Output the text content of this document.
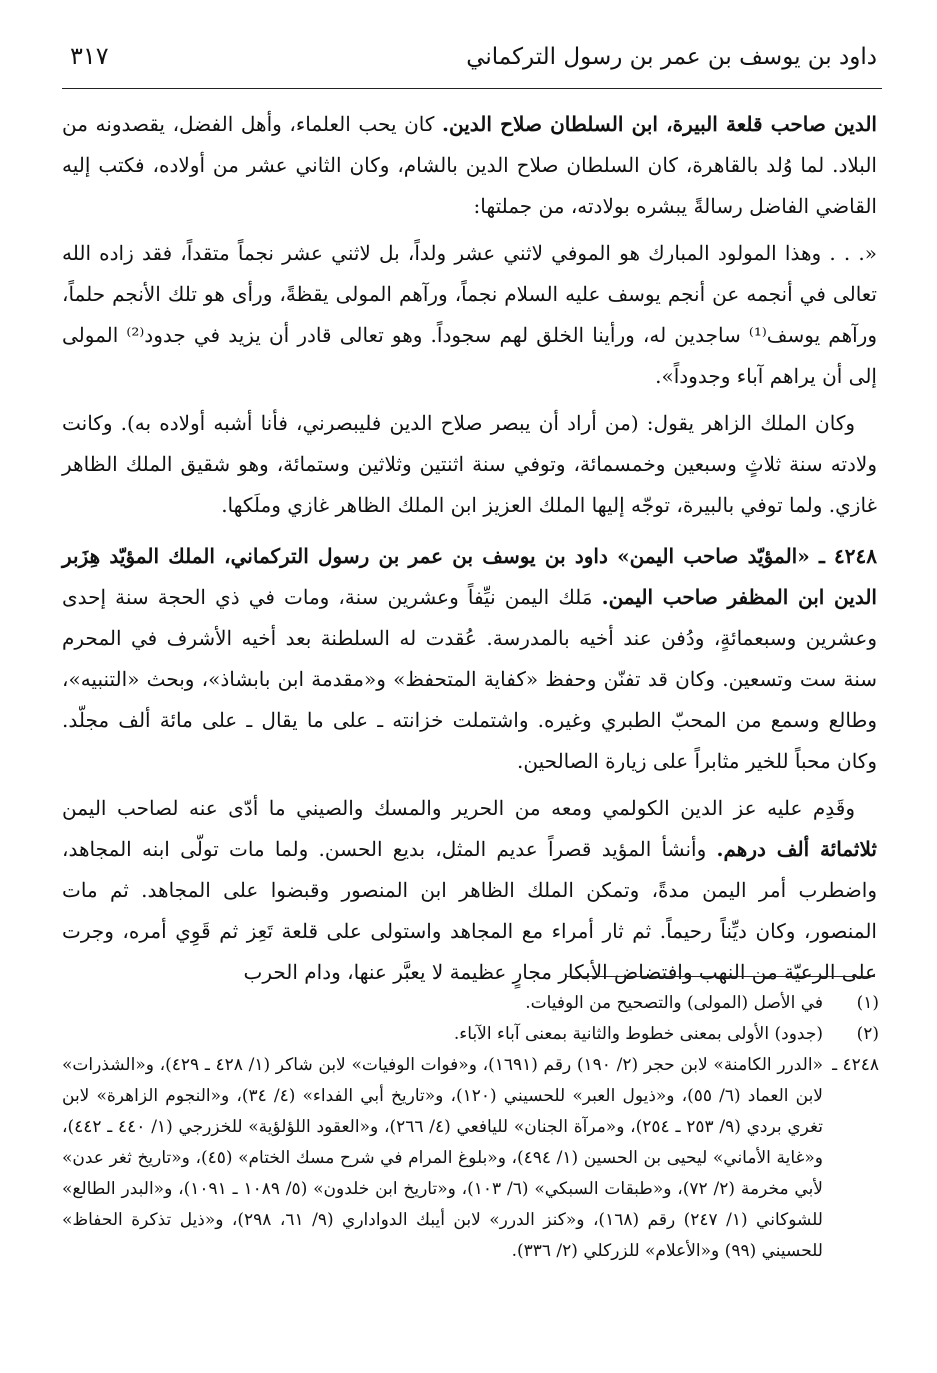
داود بن يوسف بن عمر بن رسول التركماني
٣١٧

الدين صاحب قلعة البيرة، ابن السلطان صلاح الدين. كان يحب العلماء، وأهل الفضل، يقصدونه من البلاد. لما وُلد بالقاهرة، كان السلطان صلاح الدين بالشام، وكان الثاني عشر من أولاده، فكتب إليه القاضي الفاضل رسالةً يبشره بولادته، من جملتها:

«. . . وهذا المولود المبارك هو الموفي لاثني عشر ولداً، بل لاثني عشر نجماً متقداً، فقد زاده الله تعالى في أنجمه عن أنجم يوسف عليه السلام نجماً، ورآهم المولى يقظةً، ورأى هو تلك الأنجم حلماً، ورآهم يوسف⁽¹⁾ ساجدين له، ورأينا الخلق لهم سجوداً. وهو تعالى قادر أن يزيد في جدود⁽²⁾ المولى إلى أن يراهم آباء وجدوداً».

وكان الملك الزاهر يقول: (من أراد أن يبصر صلاح الدين فليبصرني، فأنا أشبه أولاده به). وكانت ولادته سنة ثلاثٍ وسبعين وخمسمائة، وتوفي سنة اثنتين وثلاثين وستمائة، وهو شقيق الملك الظاهر غازي. ولما توفي بالبيرة، توجّه إليها الملك العزيز ابن الملك الظاهر غازي وملَكها.

٤٢٤٨ ـ «المؤيّد صاحب اليمن» داود بن يوسف بن عمر بن رسول التركماني، الملك المؤيّد هِزَبر الدين ابن المظفر صاحب اليمن. مَلك اليمن نيِّفاً وعشرين سنة، ومات في ذي الحجة سنة إحدى وعشرين وسبعمائةٍ، ودُفن عند أخيه بالمدرسة. عُقدت له السلطنة بعد أخيه الأشرف في المحرم سنة ست وتسعين. وكان قد تفنّن وحفظ «كفاية المتحفظ» و«مقدمة ابن بابشاذ»، وبحث «التنبيه»، وطالع وسمع من المحبّ الطبري وغيره. واشتملت خزانته ـ على ما يقال ـ على مائة ألف مجلّد. وكان محباً للخير مثابراً على زيارة الصالحين.

وقَدِم عليه عز الدين الكولمي ومعه من الحرير والمسك والصيني ما أدّى عنه لصاحب اليمن ثلاثمائة ألف درهم. وأنشأ المؤيد قصراً عديم المثل، بديع الحسن. ولما مات تولّى ابنه المجاهد، واضطرب أمر اليمن مدةً، وتمكن الملك الظاهر ابن المنصور وقبضوا على المجاهد. ثم مات المنصور، وكان ديِّناً رحيماً. ثم ثار أمراء مع المجاهد واستولى على قلعة تَعِز ثم قَوِي أمره، وجرت على الرعيّة من النهب وافتضاض الأبكار مجارٍ عظيمة لا يعبَّر عنها، ودام الحرب

(١)
في الأصل (المولى) والتصحيح من الوفيات.
(٢)
(جدود) الأولى بمعنى خطوط والثانية بمعنى آباء الآباء.
٤٢٤٨ ـ
«الدرر الكامنة» لابن حجر (٢/ ١٩٠) رقم (١٦٩١)، و«فوات الوفيات» لابن شاكر (١/ ٤٢٨ ـ ٤٢٩)، و«الشذرات» لابن العماد (٦/ ٥٥)، و«ذيول العبر» للحسيني (١٢٠)، و«تاريخ أبي الفداء» (٤/ ٣٤)، و«النجوم الزاهرة» لابن تغري بردي (٩/ ٢٥٣ ـ ٢٥٤)، و«مرآة الجنان» لليافعي (٤/ ٢٦٦)، و«العقود اللؤلؤية» للخزرجي (١/ ٤٤٠ ـ ٤٤٢)، و«غاية الأماني» ليحيى بن الحسين (١/ ٤٩٤)، و«بلوغ المرام في شرح مسك الختام» (٤٥)، و«تاريخ ثغر عدن» لأبي مخرمة (٢/ ٧٢)، و«طبقات السبكي» (٦/ ١٠٣)، و«تاريخ ابن خلدون» (٥/ ١٠٨٩ ـ ١٠٩١)، و«البدر الطالع» للشوكاني (١/ ٢٤٧) رقم (١٦٨)، و«كنز الدرر» لابن أيبك الدواداري (٩/ ٦١، ٢٩٨)، و«ذيل تذكرة الحفاظ» للحسيني (٩٩) و«الأعلام» للزركلي (٢/ ٣٣٦).
